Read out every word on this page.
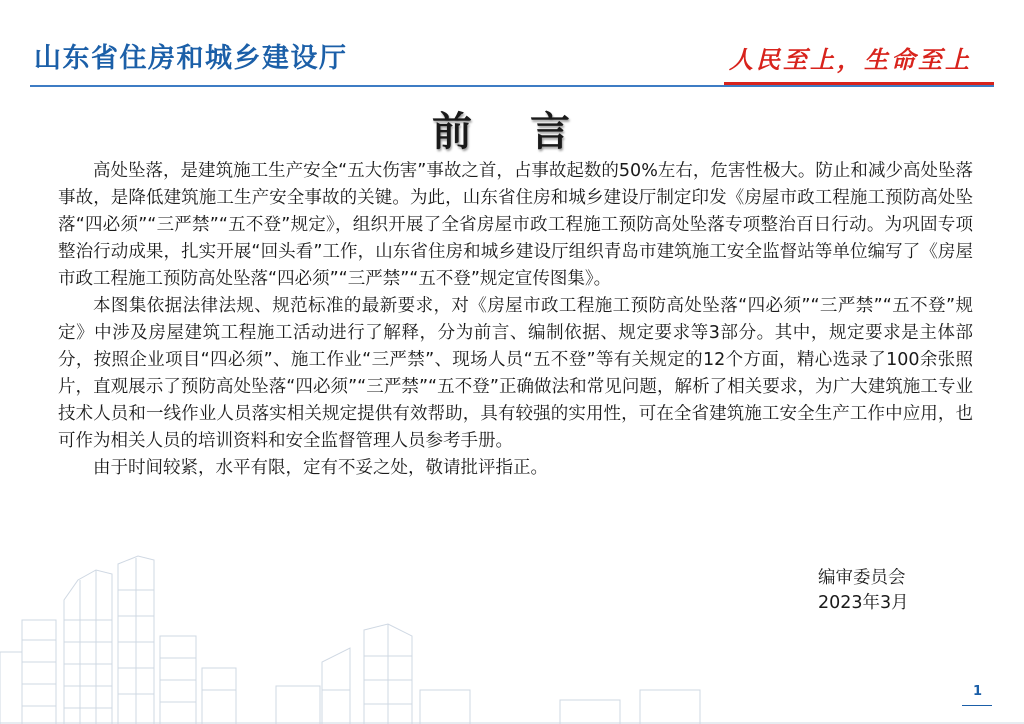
山东省住房和城乡建设厅	人民至上，生命至上
前 言

高处坠落，是建筑施工生产安全“五大伤害”事故之首，占事故起数的50%左右，危害性极大。防止和减少高处坠落事故，是降低建筑施工生产安全事故的关键。为此，山东省住房和城乡建设厅制定印发《房屋市政工程施工预防高处坠落“四必须”“三严禁”“五不登”规定》，组织开展了全省房屋市政工程施工预防高处坠落专项整治百日行动。为巩固专项整治行动成果，扎实开展“回头看”工作，山东省住房和城乡建设厅组织青岛市建筑施工安全监督站等单位编写了《房屋市政工程施工预防高处坠落“四必须”“三严禁”“五不登”规定宣传图集》。

本图集依据法律法规、规范标准的最新要求，对《房屋市政工程施工预防高处坠落“四必须”“三严禁”“五不登”规定》中涉及房屋建筑工程施工活动进行了解释，分为前言、编制依据、规定要求等3部分。其中，规定要求是主体部分，按照企业项目“四必须”、施工作业“三严禁”、现场人员“五不登”等有关规定的12个方面，精心选录了100余张照片，直观展示了预防高处坠落“四必须”“三严禁”“五不登”正确做法和常见问题，解析了相关要求，为广大建筑施工专业技术人员和一线作业人员落实相关规定提供有效帮助，具有较强的实用性，可在全省建筑施工安全生产工作中应用，也可作为相关人员的培训资料和安全监督管理人员参考手册。

由于时间较紧，水平有限，定有不妥之处，敬请批评指正。

编审委员会
2023年3月
1
